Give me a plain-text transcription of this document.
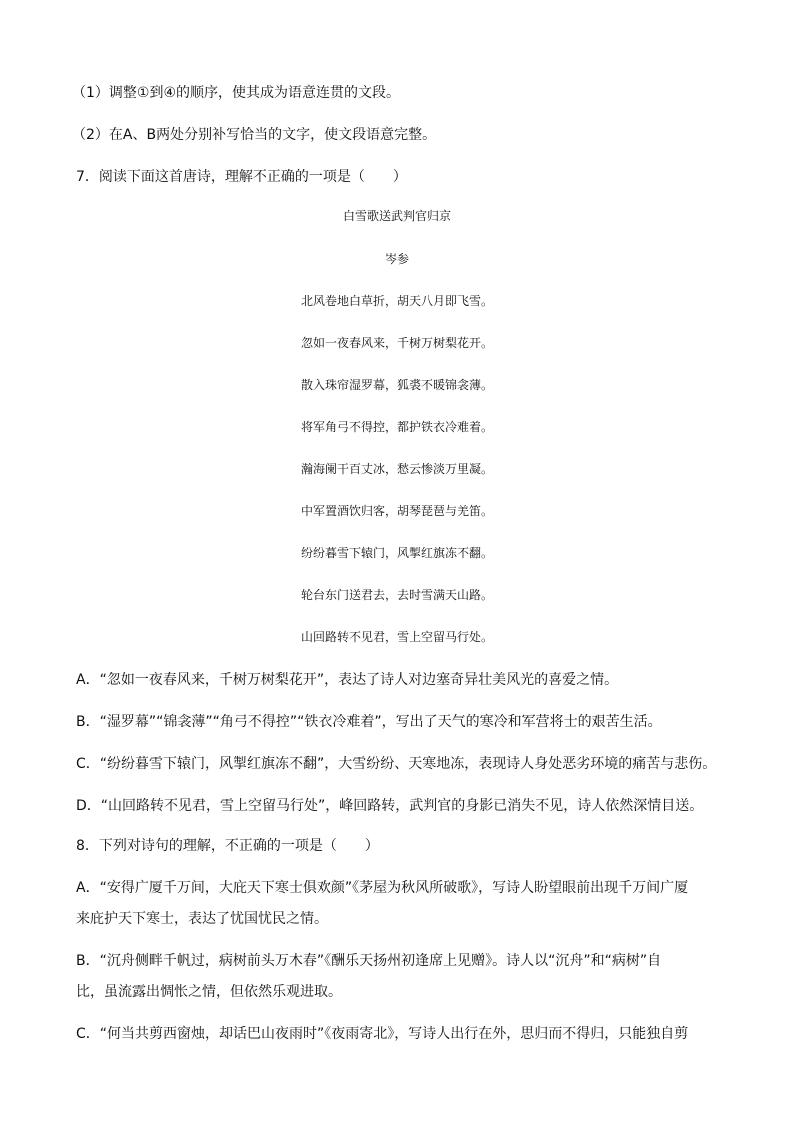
（1）调整①到④的顺序，使其成为语意连贯的文段。
（2）在A、B两处分别补写恰当的文字，使文段语意完整。
7．阅读下面这首唐诗，理解不正确的一项是（　　）
白雪歌送武判官归京
岑参
北风卷地白草折，胡天八月即飞雪。
忽如一夜春风来，千树万树梨花开。
散入珠帘湿罗幕，狐裘不暖锦衾薄。
将军角弓不得控，都护铁衣冷难着。
瀚海阑干百丈冰，愁云惨淡万里凝。
中军置酒饮归客，胡琴琵琶与羌笛。
纷纷暮雪下辕门，风掣红旗冻不翻。
轮台东门送君去，去时雪满天山路。
山回路转不见君，雪上空留马行处。
A．“忽如一夜春风来，千树万树梨花开”，表达了诗人对边塞奇异壮美风光的喜爱之情。
B．“湿罗幕”“锦衾薄”“角弓不得控”“铁衣冷难着”，写出了天气的寒冷和军营将士的艰苦生活。
C．“纷纷暮雪下辕门，风掣红旗冻不翻”，大雪纷纷、天寒地冻，表现诗人身处恶劣环境的痛苦与悲伤。
D．“山回路转不见君，雪上空留马行处”，峰回路转，武判官的身影已消失不见，诗人依然深情目送。
8．下列对诗句的理解，不正确的一项是（　　）
A．“安得广厦千万间，大庇天下寒士俱欢颜”《茅屋为秋风所破歌》，写诗人盼望眼前出现千万间广厦
来庇护天下寒士，表达了忧国忧民之情。
B．“沉舟侧畔千帆过，病树前头万木春”《酬乐天扬州初逢席上见赠》。诗人以“沉舟”和“病树”自
比，虽流露出惆怅之情，但依然乐观进取。
C．“何当共剪西窗烛，却话巴山夜雨时”《夜雨寄北》，写诗人出行在外，思归而不得归，只能独自剪
